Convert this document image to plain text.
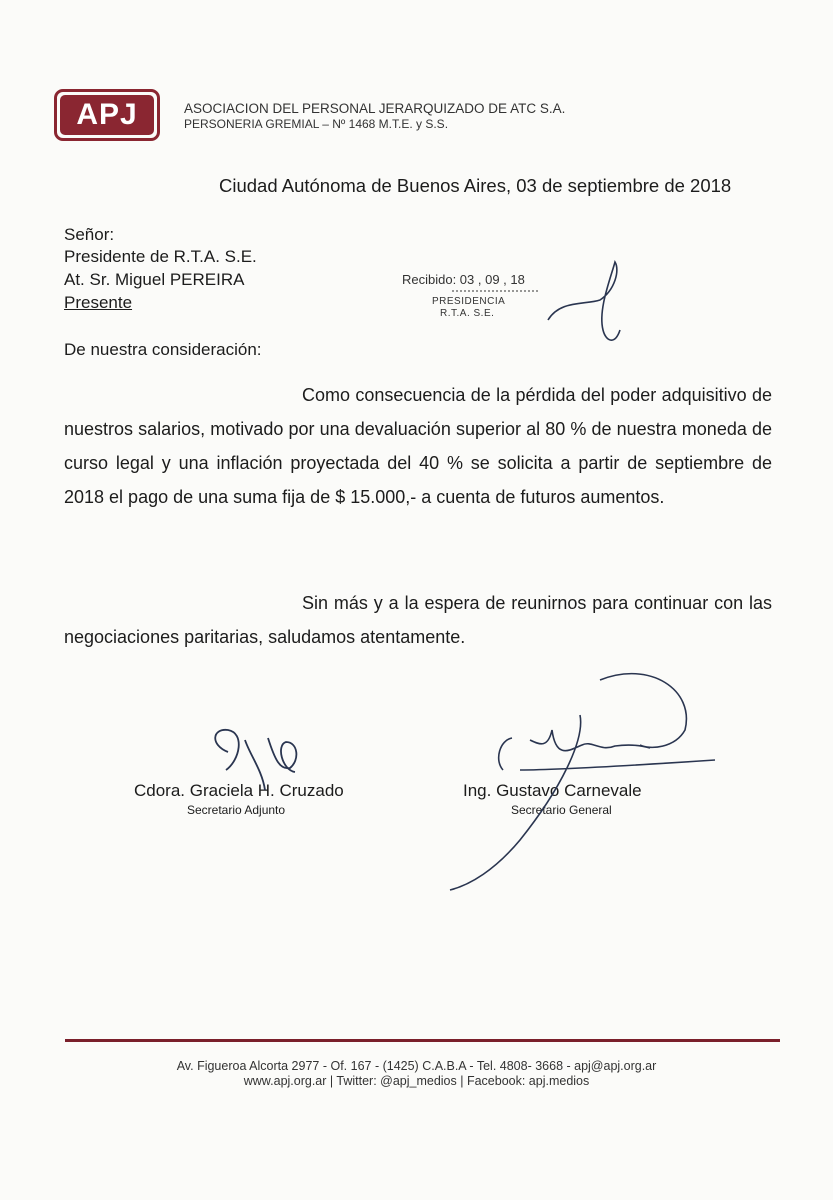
APJ	ASOCIACION DEL PERSONAL JERARQUIZADO DE ATC S.A.
PERSONERIA GREMIAL – Nº 1468 M.T.E. y S.S.
Ciudad Autónoma de Buenos Aires, 03 de septiembre de 2018
Señor:
Presidente de R.T.A. S.E.
At. Sr. Miguel PEREIRA
Presente
Recibido: 03 , 09 , 18
PRESIDENCIA
R.T.A. S.E.
De nuestra consideración:
Como consecuencia de la pérdida del poder adquisitivo de nuestros salarios, motivado por una devaluación superior al 80 % de nuestra moneda de curso legal y una inflación proyectada del 40 % se solicita a partir de septiembre de 2018 el pago de una suma fija de $ 15.000,- a cuenta de futuros aumentos.
Sin más y a la espera de reunirnos para continuar con las negociaciones paritarias, saludamos atentamente.
Cdora. Graciela H. Cruzado
Secretario Adjunto
Ing. Gustavo Carnevale
Secretario General
Av. Figueroa Alcorta 2977 - Of. 167 - (1425) C.A.B.A - Tel. 4808- 3668 - apj@apj.org.ar
www.apj.org.ar | Twitter: @apj_medios | Facebook: apj.medios
